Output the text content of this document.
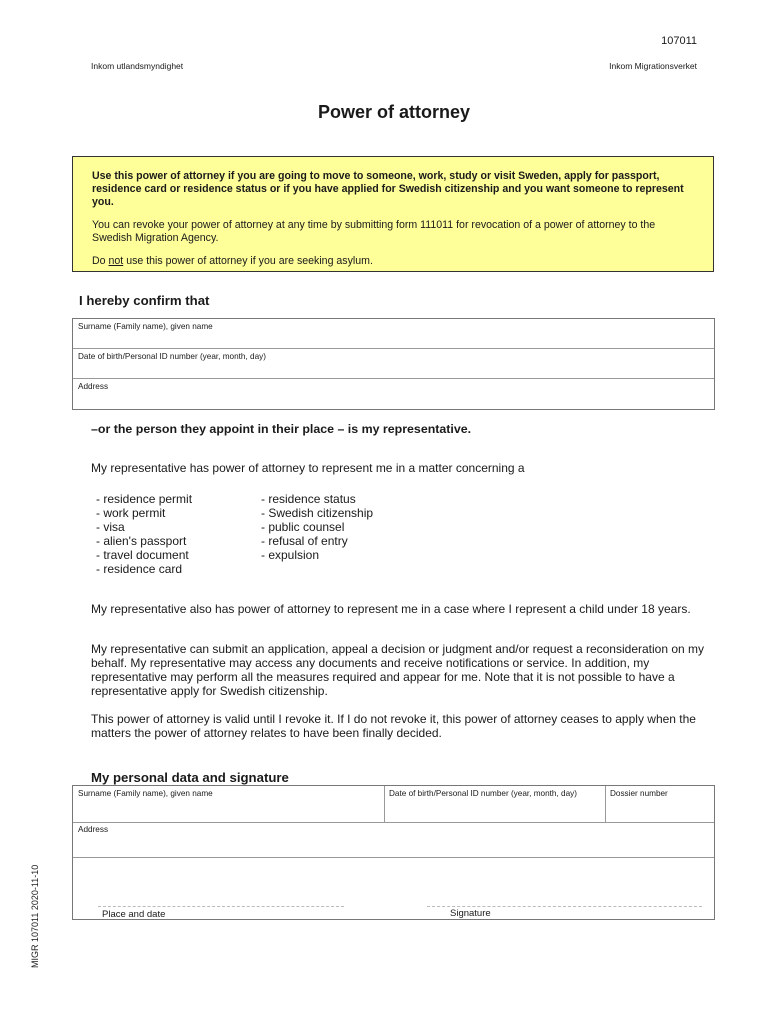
107011
Inkom utlandsmyndighet	Inkom Migrationsverket
Power of attorney

Use this power of attorney if you are going to move to someone, work, study or visit Sweden, apply for passport, residence card or residence status or if you have applied for Swedish citizenship and you want someone to represent you.

You can revoke your power of attorney at any time by submitting form 111011 for revocation of a power of attorney to the Swedish Migration Agency.

Do not use this power of attorney if you are seeking asylum.

I hereby confirm that
Surname (Family name), given name
Date of birth/Personal ID number (year, month, day)
Address
–or the person they appoint in their place – is my representative.
My representative has power of attorney to represent me in a matter concerning a
- residence permit
- work permit
- visa
- alien's passport
- travel document
- residence card
- residence status
- Swedish citizenship
- public counsel
- refusal of entry
- expulsion
My representative also has power of attorney to represent me in a case where I represent a child under 18 years.
My representative can submit an application, appeal a decision or judgment and/or request a reconsideration on my behalf. My representative may access any documents and receive notifications or service. In addition, my representative may perform all the measures required and appear for me. Note that it is not possible to have a representative apply for Swedish citizenship.
This power of attorney is valid until I revoke it. If I do not revoke it, this power of attorney ceases to apply when the matters the power of attorney relates to have been finally decided.
My personal data and signature
Surname (Family name), given name	Date of birth/Personal ID number (year, month, day)	Dossier number
Address
Place and date	Signature
MIGR 107011 2020-11-10
